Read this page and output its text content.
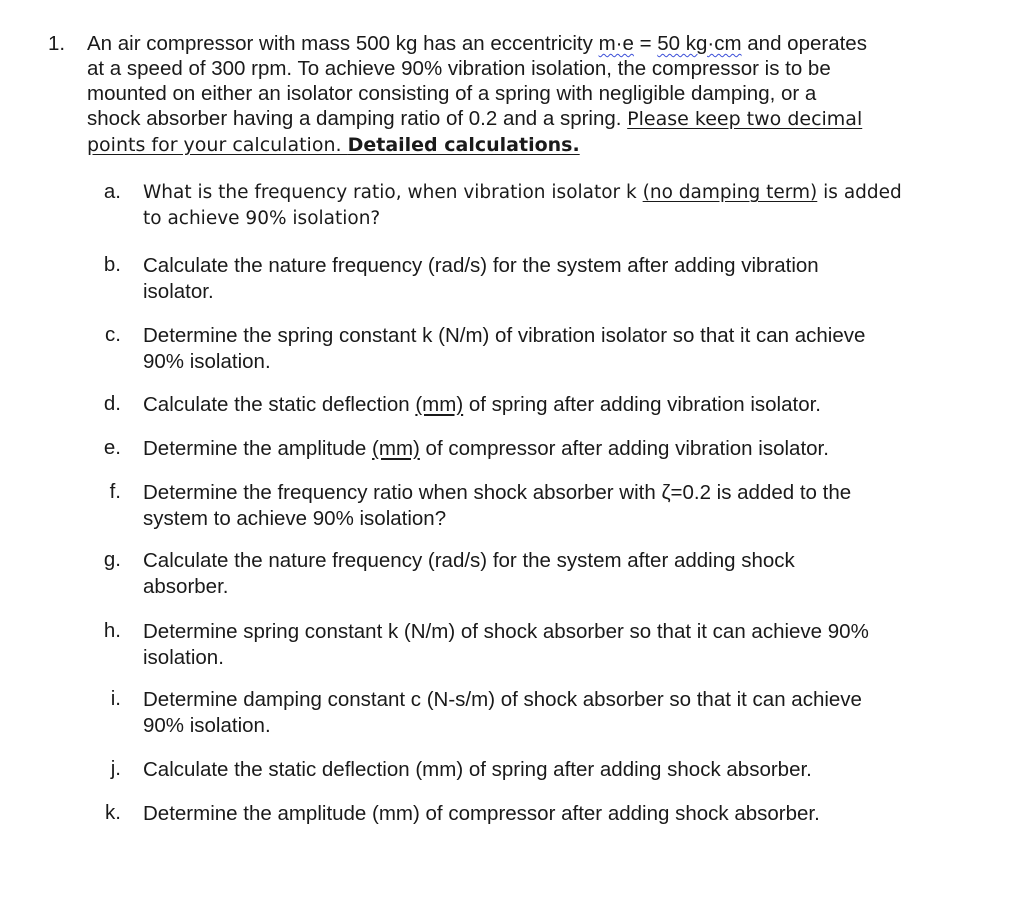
1. An air compressor with mass 500 kg has an eccentricity m·e = 50 kg·cm and operates
at a speed of 300 rpm. To achieve 90% vibration isolation, the compressor is to be
mounted on either an isolator consisting of a spring with negligible damping, or a
shock absorber having a damping ratio of 0.2 and a spring. Please keep two decimal
points for your calculation. Detailed calculations.
a. What is the frequency ratio, when vibration isolator k (no damping term) is added
to achieve 90% isolation?
b. Calculate the nature frequency (rad/s) for the system after adding vibration
isolator.
c. Determine the spring constant k (N/m) of vibration isolator so that it can achieve
90% isolation.
d. Calculate the static deflection (mm) of spring after adding vibration isolator.
e. Determine the amplitude (mm) of compressor after adding vibration isolator.
f. Determine the frequency ratio when shock absorber with ζ=0.2 is added to the
system to achieve 90% isolation?
g. Calculate the nature frequency (rad/s) for the system after adding shock
absorber.
h. Determine spring constant k (N/m) of shock absorber so that it can achieve 90%
isolation.
i. Determine damping constant c (N-s/m) of shock absorber so that it can achieve
90% isolation.
j. Calculate the static deflection (mm) of spring after adding shock absorber.
k. Determine the amplitude (mm) of compressor after adding shock absorber.
